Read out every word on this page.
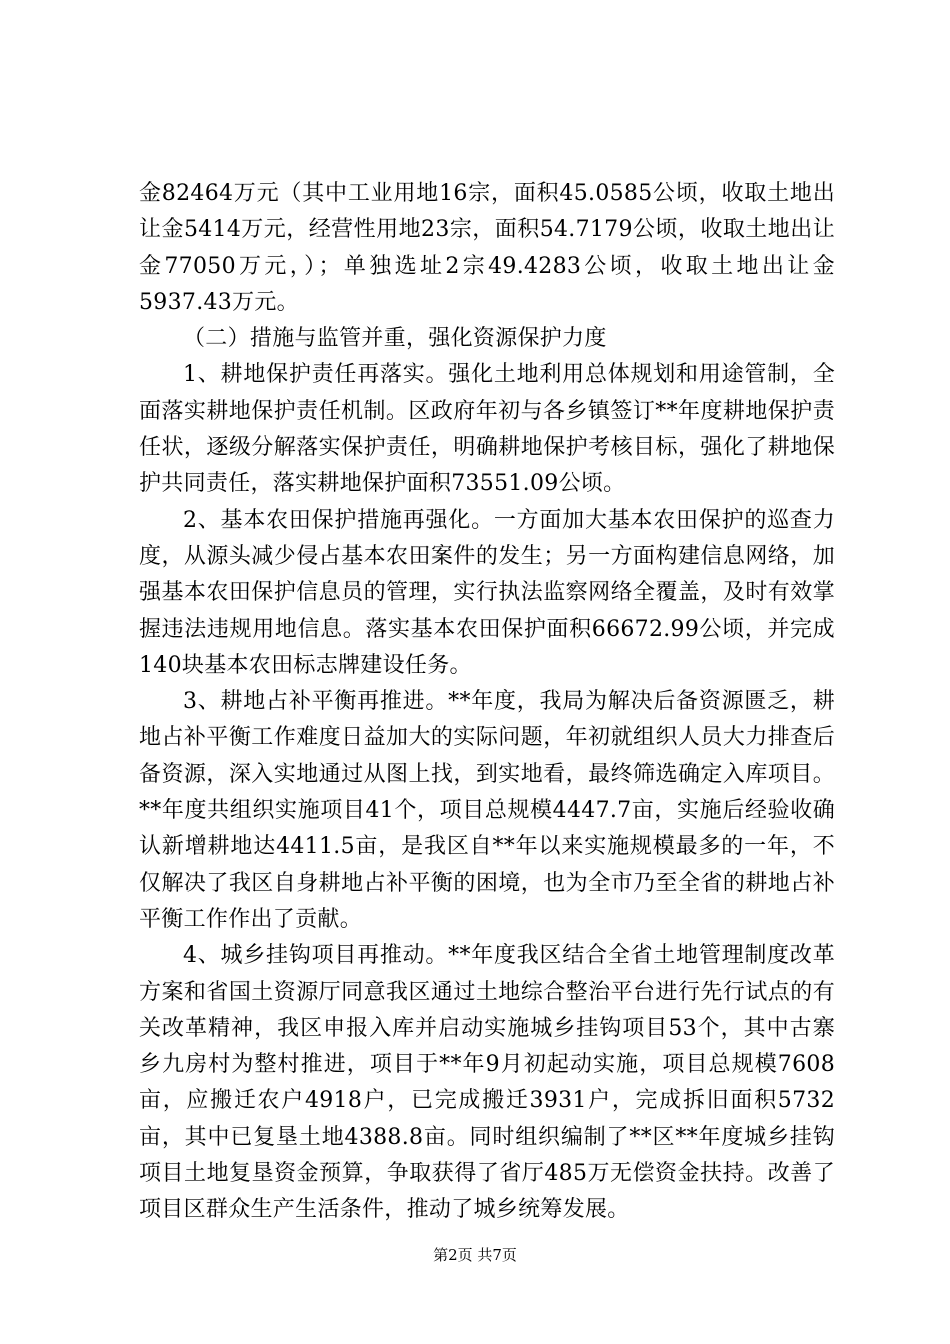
金82464万元（其中工业用地16宗，面积45.0585公顷，收取土地出让金5414万元，经营性用地23宗，面积54.7179公顷，收取土地出让金77050万元，）；单独选址2宗49.4283公顷，收取土地出让金5937.43万元。

（二）措施与监管并重，强化资源保护力度

1、耕地保护责任再落实。强化土地利用总体规划和用途管制，全面落实耕地保护责任机制。区政府年初与各乡镇签订**年度耕地保护责任状，逐级分解落实保护责任，明确耕地保护考核目标，强化了耕地保护共同责任，落实耕地保护面积73551.09公顷。

2、基本农田保护措施再强化。一方面加大基本农田保护的巡查力度，从源头减少侵占基本农田案件的发生；另一方面构建信息网络，加强基本农田保护信息员的管理，实行执法监察网络全覆盖，及时有效掌握违法违规用地信息。落实基本农田保护面积66672.99公顷，并完成140块基本农田标志牌建设任务。

3、耕地占补平衡再推进。**年度，我局为解决后备资源匮乏，耕地占补平衡工作难度日益加大的实际问题，年初就组织人员大力排查后备资源，深入实地通过从图上找，到实地看，最终筛选确定入库项目。**年度共组织实施项目41个，项目总规模4447.7亩，实施后经验收确认新增耕地达4411.5亩，是我区自**年以来实施规模最多的一年，不仅解决了我区自身耕地占补平衡的困境，也为全市乃至全省的耕地占补平衡工作作出了贡献。

4、城乡挂钩项目再推动。**年度我区结合全省土地管理制度改革方案和省国土资源厅同意我区通过土地综合整治平台进行先行试点的有关改革精神，我区申报入库并启动实施城乡挂钩项目53个，其中古寨乡九房村为整村推进，项目于**年9月初起动实施，项目总规模7608亩，应搬迁农户4918户，已完成搬迁3931户，完成拆旧面积5732亩，其中已复垦土地4388.8亩。同时组织编制了**区**年度城乡挂钩项目土地复垦资金预算，争取获得了省厅485万无偿资金扶持。改善了项目区群众生产生活条件，推动了城乡统筹发展。

第2页 共7页
